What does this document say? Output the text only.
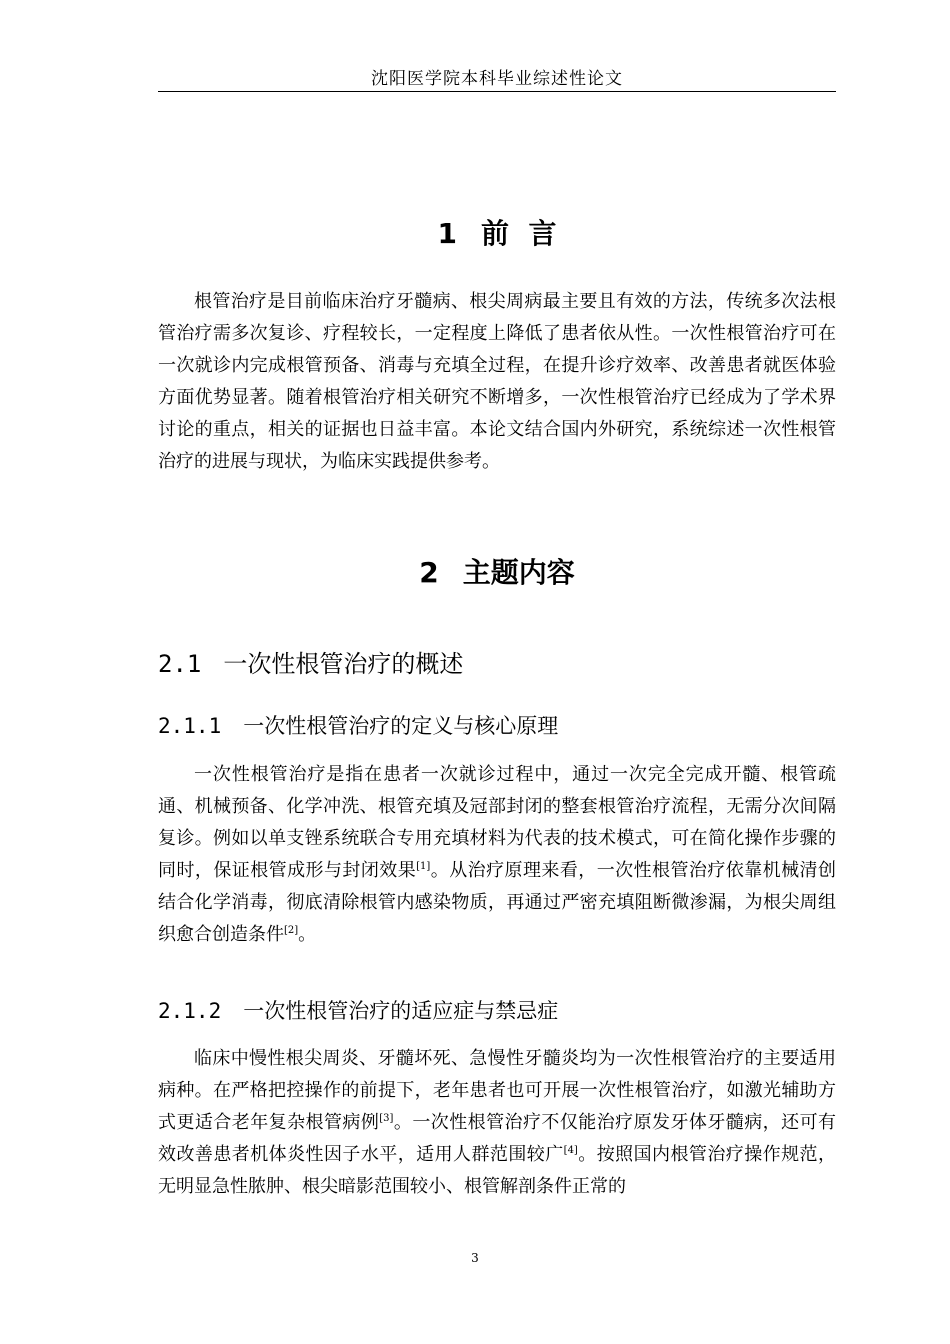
沈阳医学院本科毕业综述性论文
1 前  言

根管治疗是目前临床治疗牙髓病、根尖周病最主要且有效的方法，传统多次法根管治疗需多次复诊、疗程较长，一定程度上降低了患者依从性。一次性根管治疗可在一次就诊内完成根管预备、消毒与充填全过程，在提升诊疗效率、改善患者就医体验方面优势显著。随着根管治疗相关研究不断增多，一次性根管治疗已经成为了学术界讨论的重点，相关的证据也日益丰富。本论文结合国内外研究，系统综述一次性根管治疗的进展与现状，为临床实践提供参考。

2 主题内容
2.1 一次性根管治疗的概述
2.1.1 一次性根管治疗的定义与核心原理

一次性根管治疗是指在患者一次就诊过程中，通过一次完全完成开髓、根管疏通、机械预备、化学冲洗、根管充填及冠部封闭的整套根管治疗流程，无需分次间隔复诊。例如以单支锉系统联合专用充填材料为代表的技术模式，可在简化操作步骤的同时，保证根管成形与封闭效果[1]。从治疗原理来看，一次性根管治疗依靠机械清创结合化学消毒，彻底清除根管内感染物质，再通过严密充填阻断微渗漏，为根尖周组织愈合创造条件[2]。

2.1.2 一次性根管治疗的适应症与禁忌症

临床中慢性根尖周炎、牙髓坏死、急慢性牙髓炎均为一次性根管治疗的主要适用病种。在严格把控操作的前提下，老年患者也可开展一次性根管治疗，如激光辅助方式更适合老年复杂根管病例[3]。一次性根管治疗不仅能治疗原发牙体牙髓病，还可有效改善患者机体炎性因子水平，适用人群范围较广[4]。按照国内根管治疗操作规范，无明显急性脓肿、根尖暗影范围较小、根管解剖条件正常的

3
